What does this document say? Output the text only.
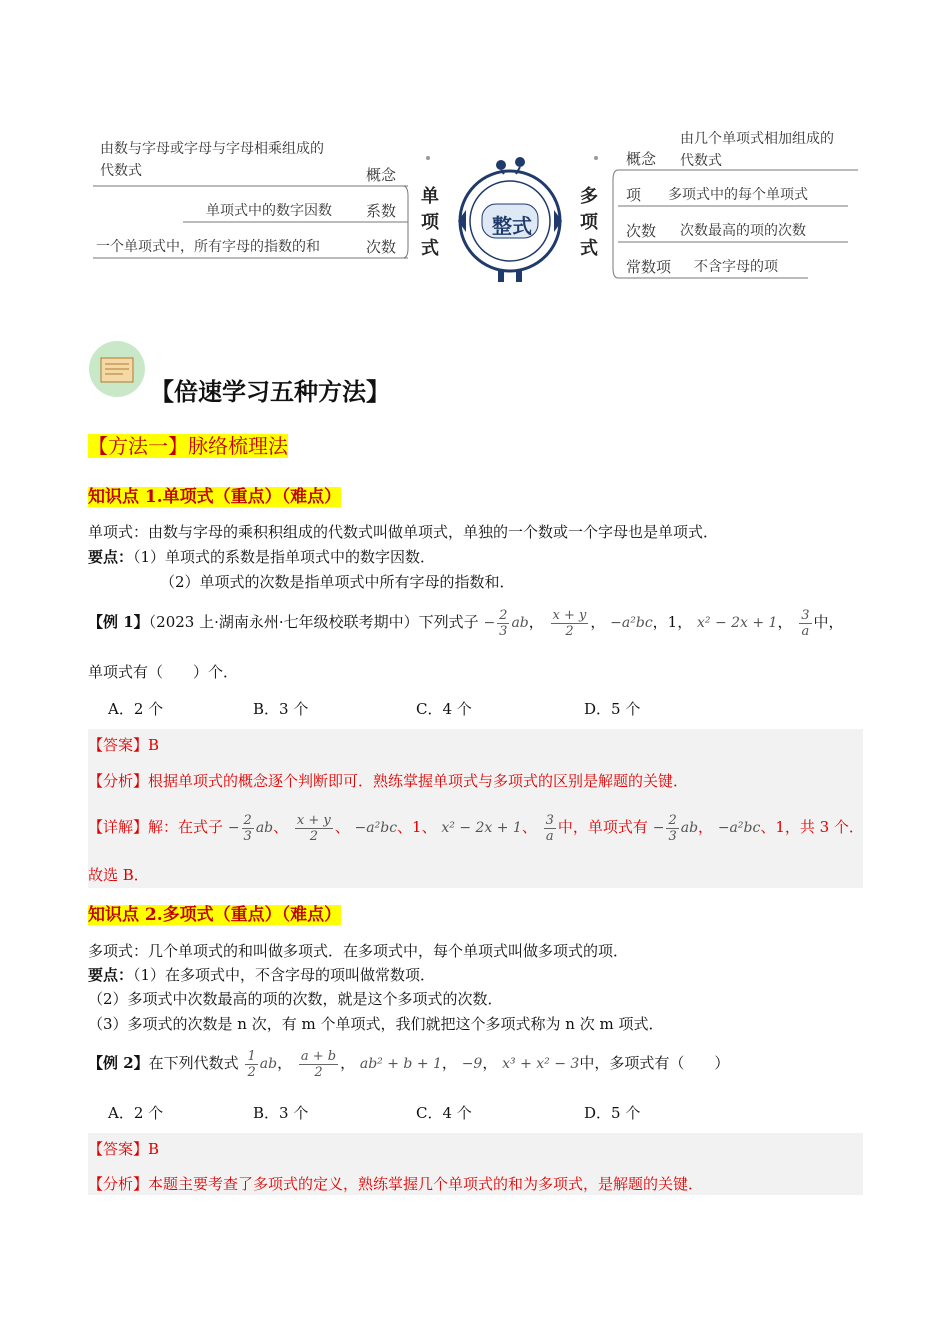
由数与字母或字母与字母相乘组成的
代数式	概念
单项式中的数字因数 系数
一个单项式中，所有字母的指数的和	次数
单项式
整式
多项式
概念
由几个单项式相加组成的
代数式
项 多项式中的每个单项式
次数 次数最高的项的次数
常数项 不含字母的项
【倍速学习五种方法】
【方法一】脉络梳理法
知识点 1.单项式（重点）（难点）
单项式：由数与字母的乘积积组成的代数式叫做单项式，单独的一个数或一个字母也是单项式．
要点：（1）单项式的系数是指单项式中的数字因数．
（2）单项式的次数是指单项式中所有字母的指数和．
【例 1】（2023 上·湖南永州·七年级校联考期中）下列式子 − $\frac{2}{3}$ ab， $\frac{x + y}{2}$ ， −a²bc，1， x² − 2x + 1， $\frac{3}{a}$ 中，
单项式有（　　）个．
A．2 个	B．3 个	C．4 个	D．5 个
【答案】B
【分析】根据单项式的概念逐个判断即可．熟练掌握单项式与多项式的区别是解题的关键．
【详解】解：在式子 − $\frac{2}{3}$ ab、 $\frac{x + y}{2}$ 、 −a²bc、1、 x² − 2x + 1、 $\frac{3}{a}$ 中，单项式有 − $\frac{2}{3}$ ab， −a²bc、1，共 3 个．
故选 B．
知识点 2.多项式（重点）（难点）
多项式：几个单项式的和叫做多项式．在多项式中，每个单项式叫做多项式的项．
要点：（1）在多项式中，不含字母的项叫做常数项．
（2）多项式中次数最高的项的次数，就是这个多项式的次数．
（3）多项式的次数是 n 次，有 m 个单项式，我们就把这个多项式称为 n 次 m 项式．
【例 2】在下列代数式 $\frac{1}{2}$ ab， $\frac{a + b}{2}$ ， ab² + b + 1， −9， x³ + x² − 3中，多项式有（　　）
A．2 个	B．3 个	C．4 个	D．5 个
【答案】B
【分析】本题主要考查了多项式的定义，熟练掌握几个单项式的和为多项式，是解题的关键．
